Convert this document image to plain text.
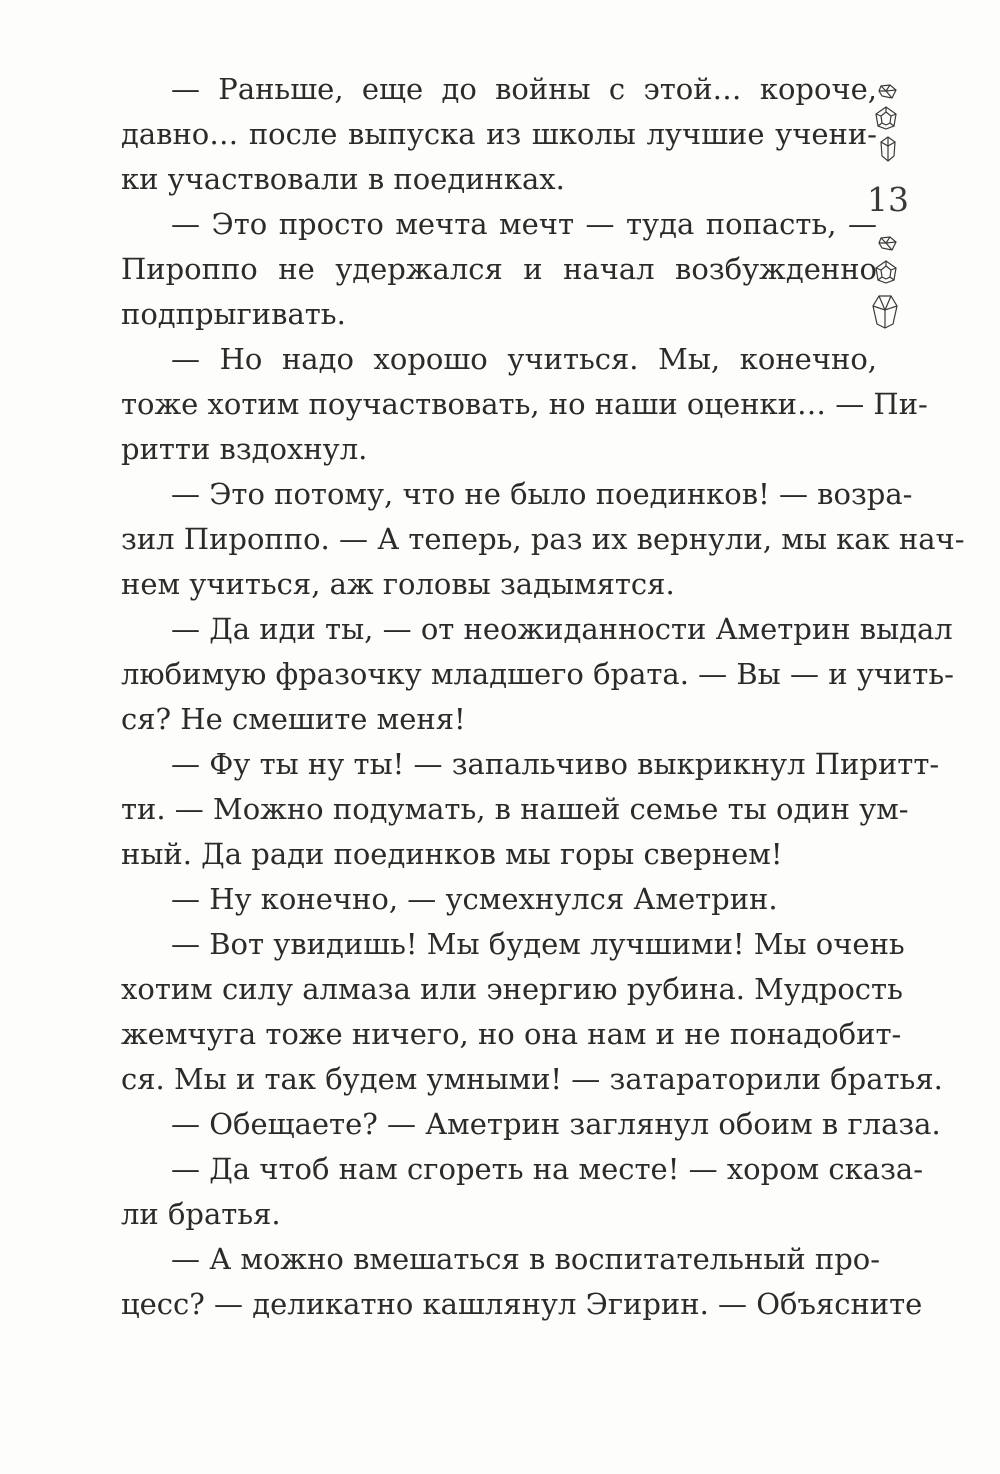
13
— Раньше, еще до войны с этой… короче,
давно… после выпуска из школы лучшие учени-
ки участвовали в поединках.
— Это просто мечта мечт — туда попасть, —
Пироппо не удержался и начал возбужденно
подпрыгивать.
— Но надо хорошо учиться. Мы, конечно,
тоже хотим поучаствовать, но наши оценки… — Пи-
ритти вздохнул.
— Это потому, что не было поединков! — возра-
зил Пироппо. — А теперь, раз их вернули, мы как нач-
нем учиться, аж головы задымятся.
— Да иди ты, — от неожиданности Аметрин выдал
любимую фразочку младшего брата. — Вы — и учить-
ся? Не смешите меня!
— Фу ты ну ты! — запальчиво выкрикнул Пиритт-
ти. — Можно подумать, в нашей семье ты один ум-
ный. Да ради поединков мы горы свернем!
— Ну конечно, — усмехнулся Аметрин.
— Вот увидишь! Мы будем лучшими! Мы очень
хотим силу алмаза или энергию рубина. Мудрость
жемчуга тоже ничего, но она нам и не понадобит-
ся. Мы и так будем умными! — затараторили братья.
— Обещаете? — Аметрин заглянул обоим в глаза.
— Да чтоб нам сгореть на месте! — хором сказа-
ли братья.
— А можно вмешаться в воспитательный про-
цесс? — деликатно кашлянул Эгирин. — Объясните
